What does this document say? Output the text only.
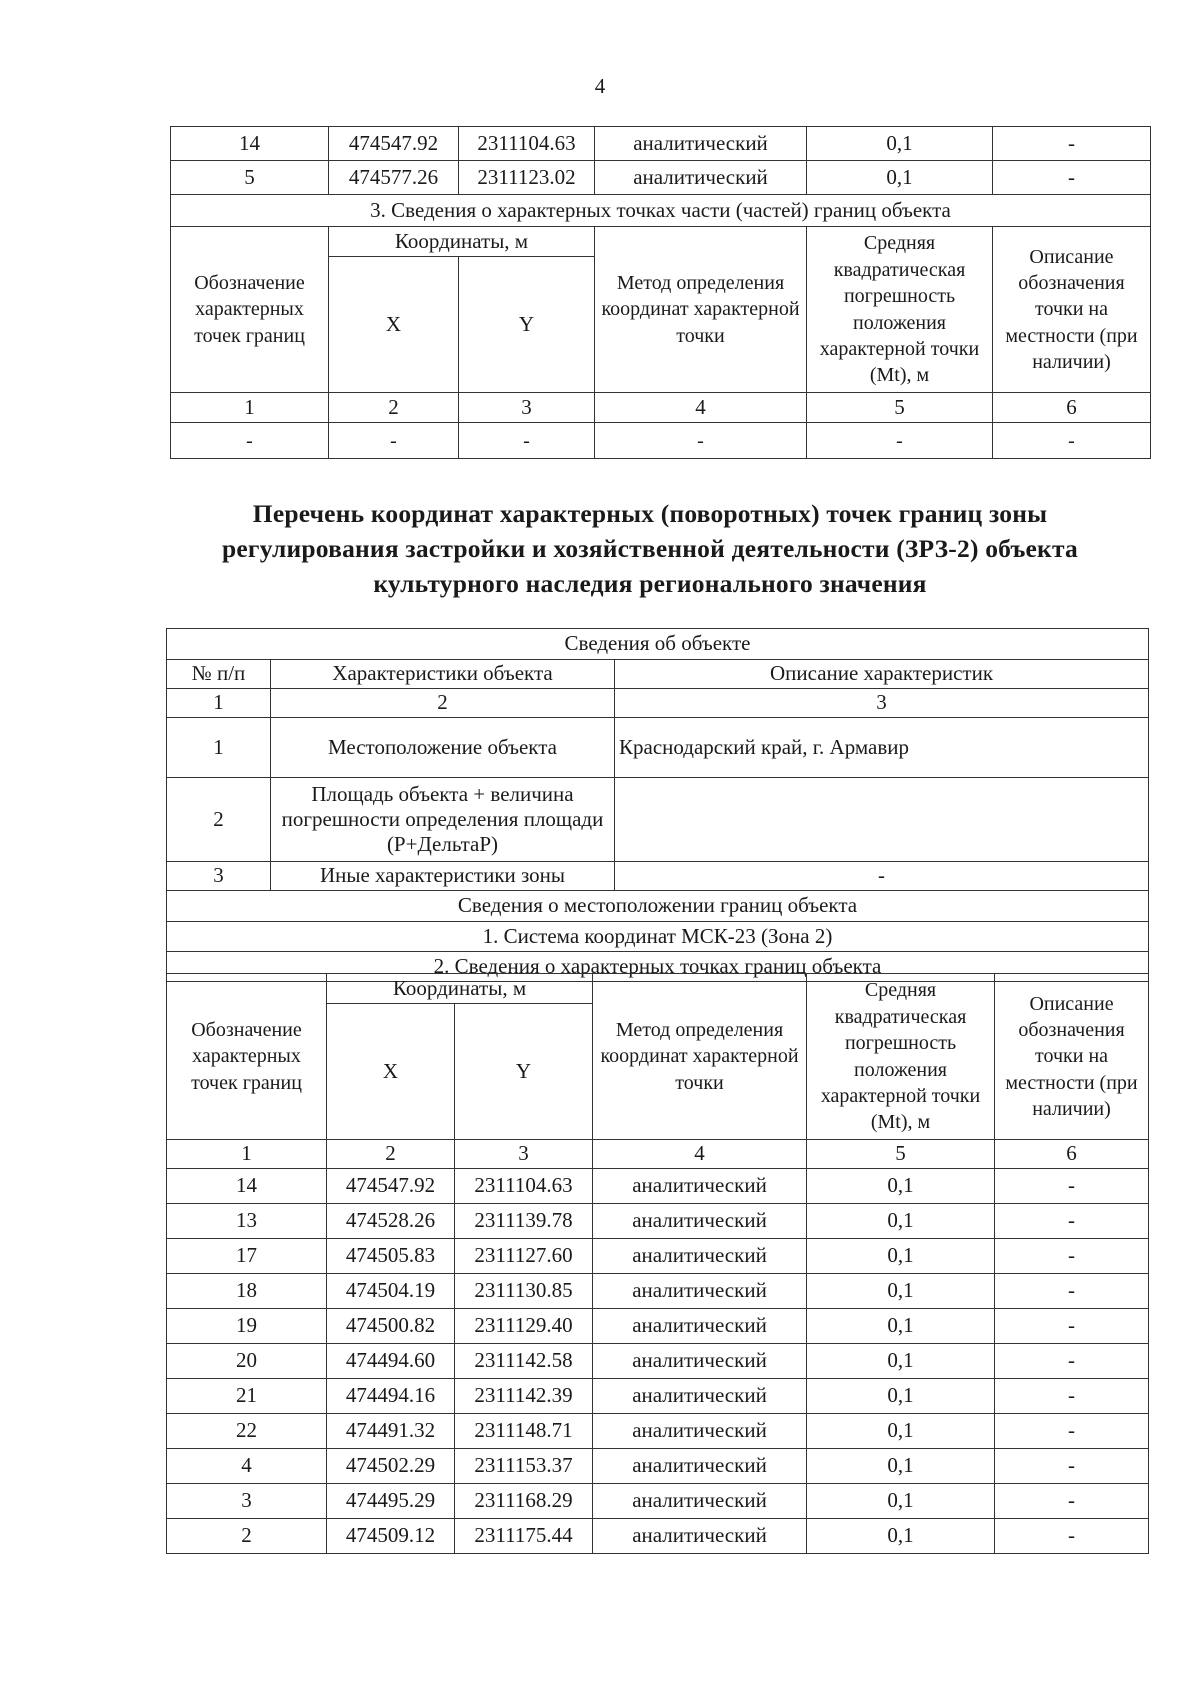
4
14	474547.92	2311104.63	аналитический	0,1	-
5	474577.26	2311123.02	аналитический	0,1	-
3. Сведения о характерных точках части (частей) границ объекта					
Обозначение характерных точек границ	Координаты, м		Метод определения координат характерной точки	Средняя квадратическая погрешность положения характерной точки (Mt), м	Описание обозначения точки на местности (при наличии)
	X	Y			
1	2	3	4	5	6
-	-	-	-	-	-
Перечень координат характерных (поворотных) точек границ зоны регулирования застройки и хозяйственной деятельности (ЗРЗ-2) объекта культурного наследия регионального значения
Сведения об объекте		
№ п/п	Характеристики объекта	Описание характеристик
1	2	3
1	Местоположение объекта	Краснодарский край, г. Армавир
2	Площадь объекта + величина погрешности определения площади (Р+ДельтаР)	
3	Иные характеристики зоны	-
Сведения о местоположении границ объекта		
1. Система координат МСК-23 (Зона 2)		
2. Сведения о характерных точках границ объекта		
Обозначение характерных точек границ	Координаты, м		Метод определения координат характерной точки	Средняя квадратическая погрешность положения характерной точки (Mt), м	Описание обозначения точки на местности (при наличии)
	X	Y			
1	2	3	4	5	6
14	474547.92	2311104.63	аналитический	0,1	-
13	474528.26	2311139.78	аналитический	0,1	-
17	474505.83	2311127.60	аналитический	0,1	-
18	474504.19	2311130.85	аналитический	0,1	-
19	474500.82	2311129.40	аналитический	0,1	-
20	474494.60	2311142.58	аналитический	0,1	-
21	474494.16	2311142.39	аналитический	0,1	-
22	474491.32	2311148.71	аналитический	0,1	-
4	474502.29	2311153.37	аналитический	0,1	-
3	474495.29	2311168.29	аналитический	0,1	-
2	474509.12	2311175.44	аналитический	0,1	-
